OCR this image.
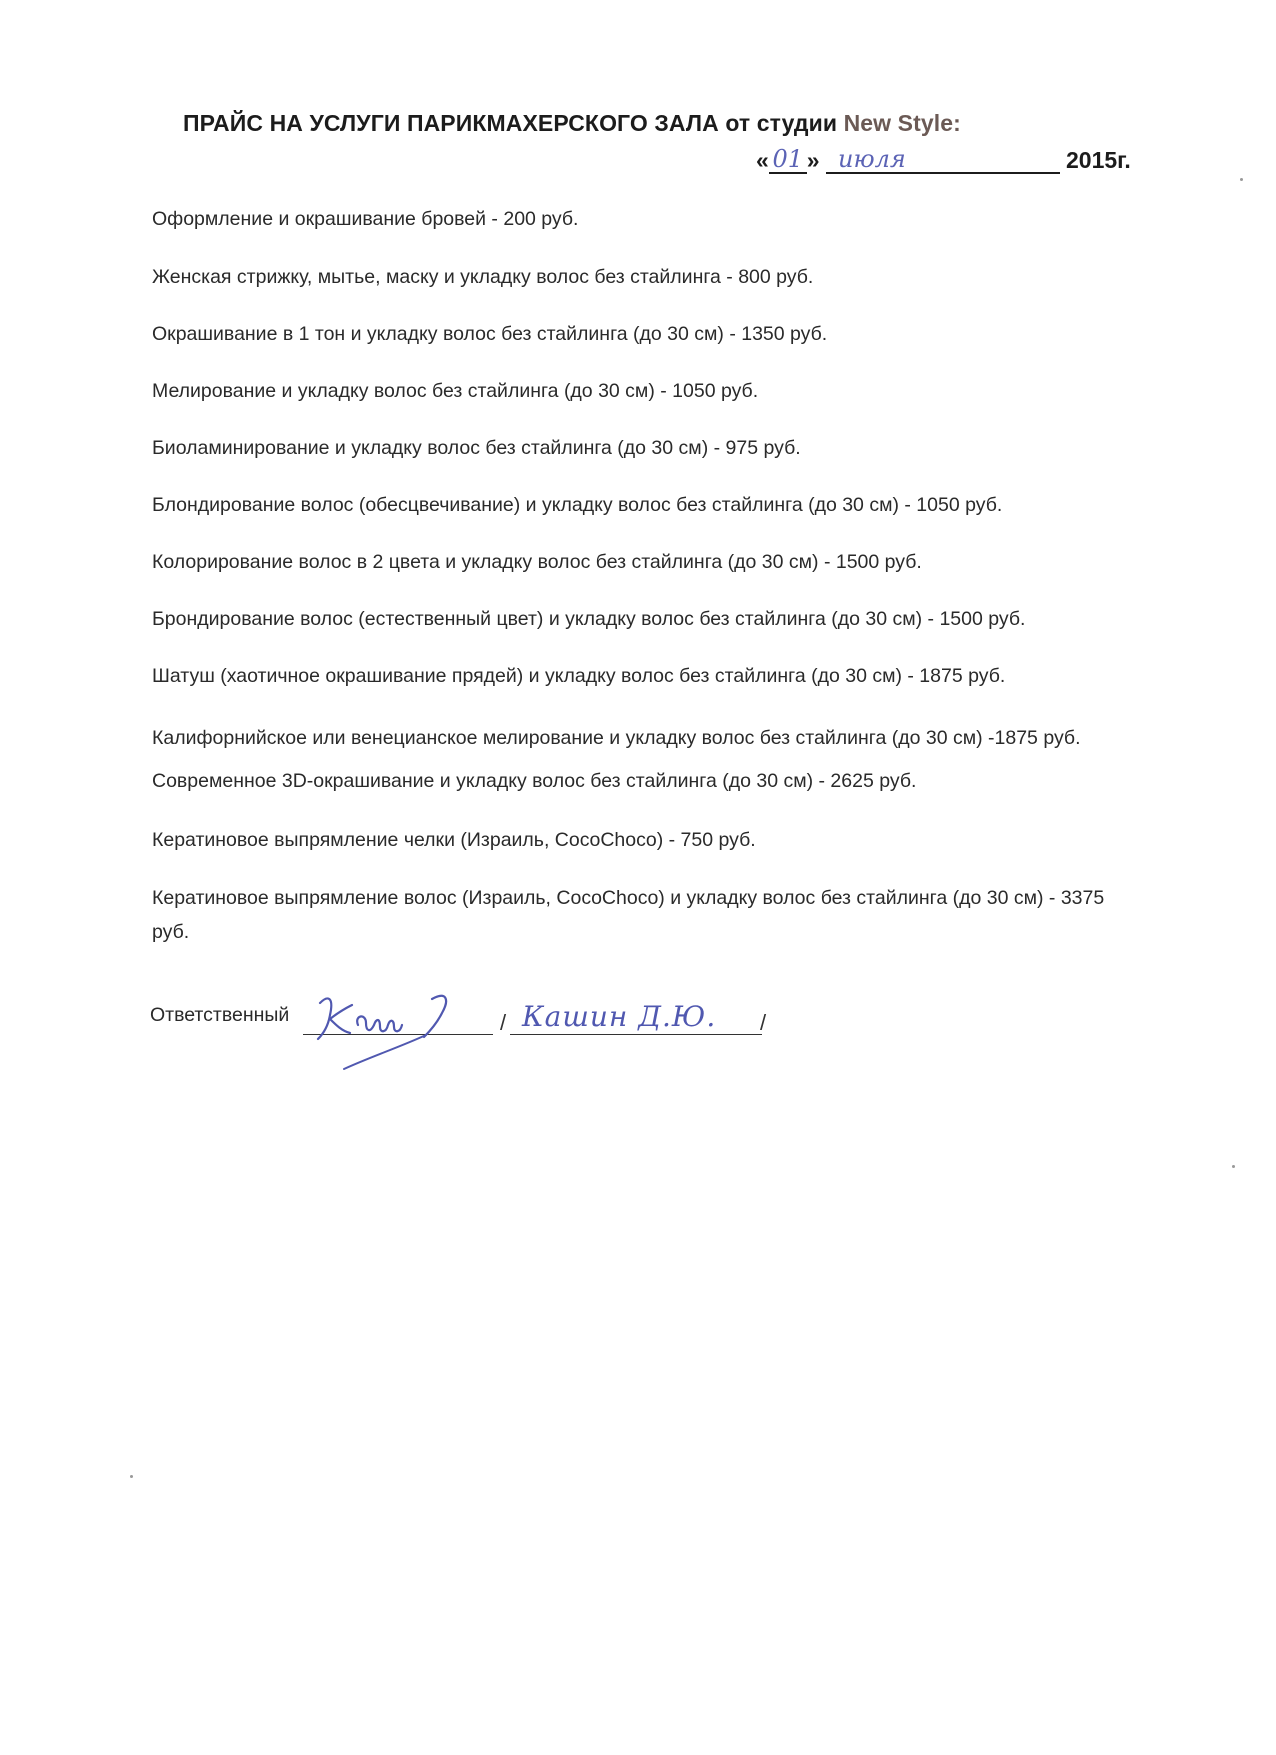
ПРАЙС НА УСЛУГИ ПАРИКМАХЕРСКОГО ЗАЛА от студии New Style:
« 01 » июля	2015г.
Оформление и окрашивание бровей - 200 руб.
Женская стрижку, мытье, маску и укладку волос без стайлинга - 800 руб.
Окрашивание в 1 тон и укладку волос без стайлинга (до 30 см) - 1350 руб.
Мелирование и укладку волос без стайлинга (до 30 см) - 1050 руб.
Биоламинирование и укладку волос без стайлинга (до 30 см) - 975 руб.
Блондирование волос (обесцвечивание) и укладку волос без стайлинга (до 30 см) - 1050 руб.
Колорирование волос в 2 цвета и укладку волос без стайлинга (до 30 см) - 1500 руб.
Брондирование волос (естественный цвет) и укладку волос без стайлинга (до 30 см) - 1500 руб.
Шатуш (хаотичное окрашивание прядей) и укладку волос без стайлинга (до 30 см) - 1875 руб.
Калифорнийское или венецианское мелирование и укладку волос без стайлинга (до 30 см) -1875 руб.
Современное 3D-окрашивание и укладку волос без стайлинга (до 30 см) - 2625 руб.
Кератиновое выпрямление челки (Израиль, CocoChoco) - 750 руб.
Кератиновое выпрямление волос (Израиль, CocoChoco) и укладку волос без стайлинга (до 30 см) - 3375 руб.
Ответственный	/	/
Кашин Д.Ю.
